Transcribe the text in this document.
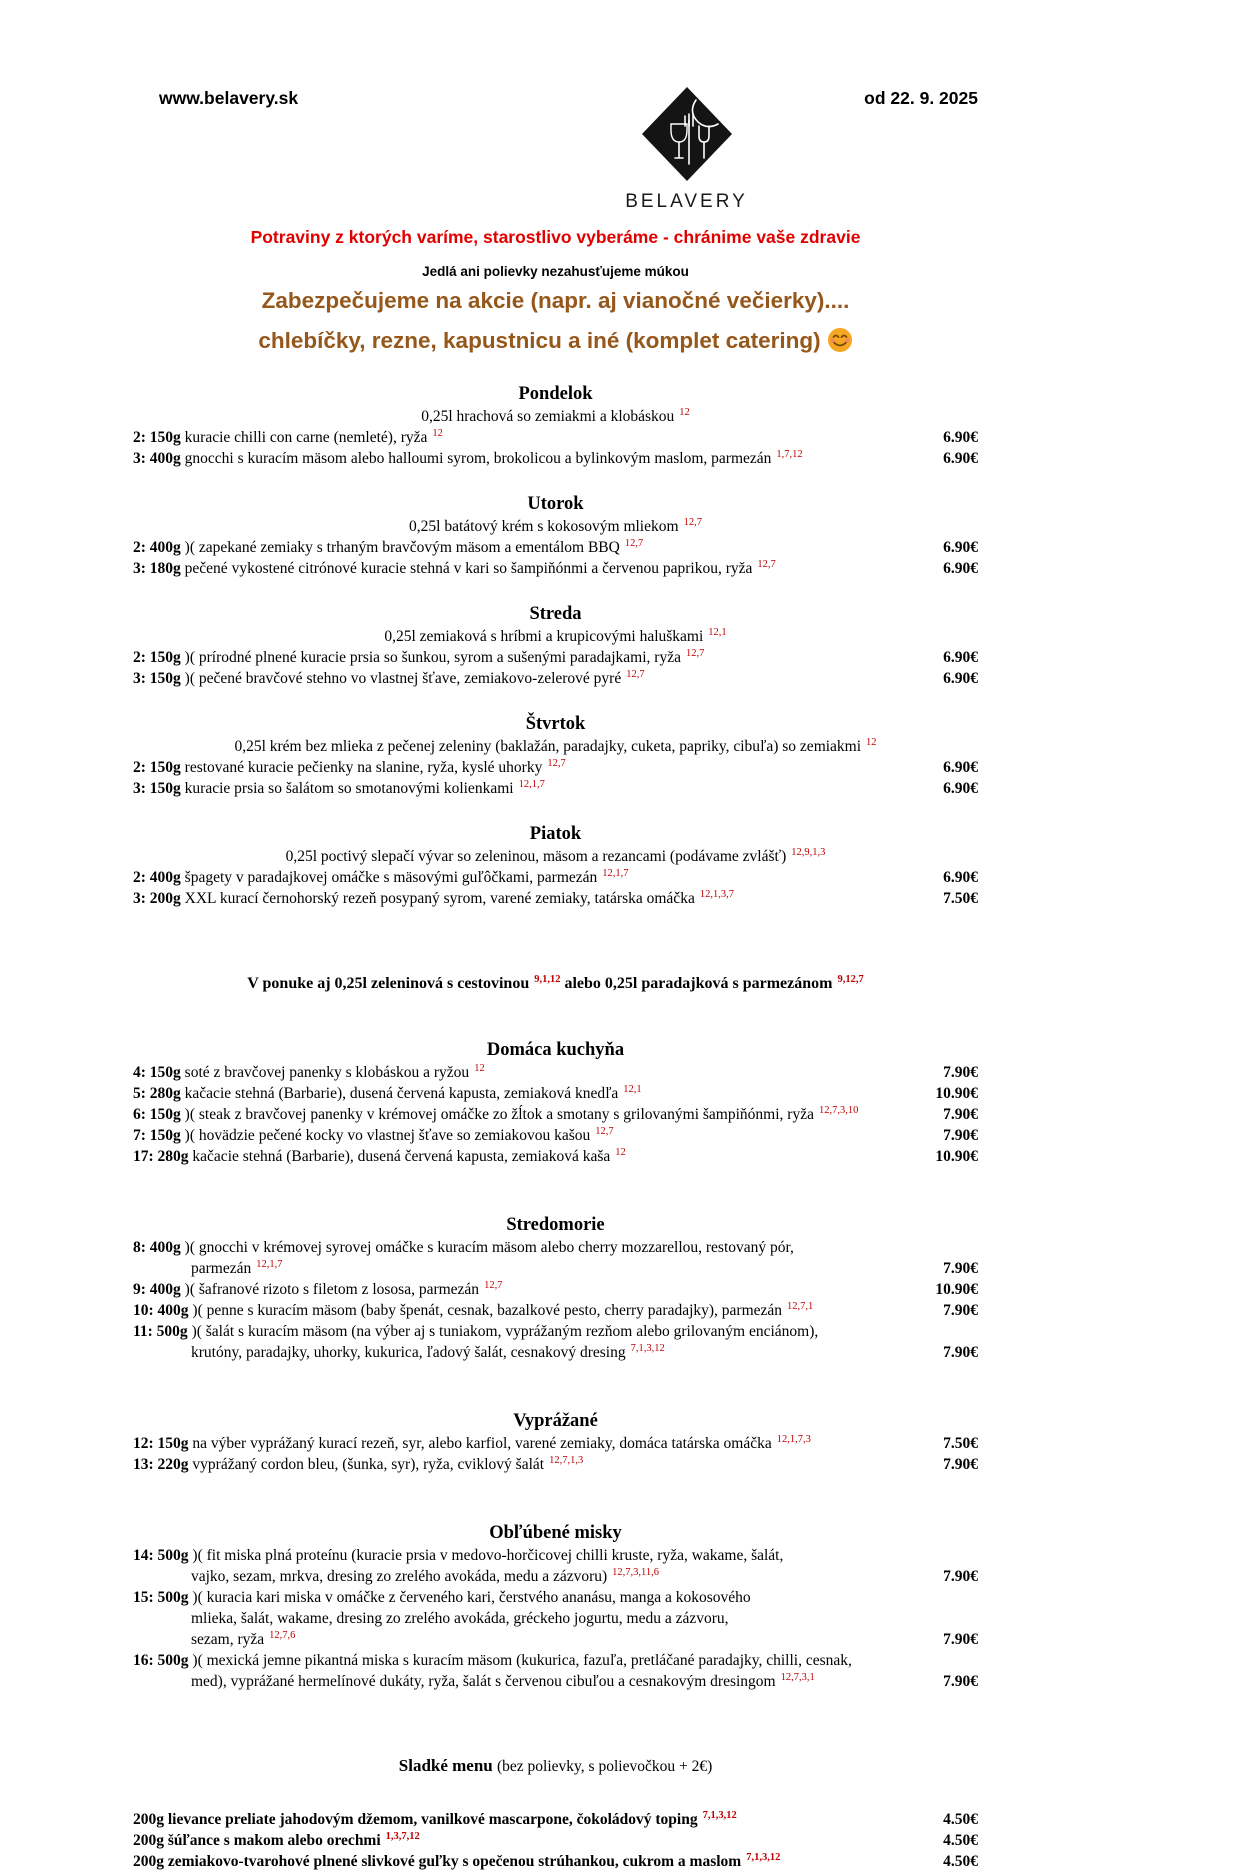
BELAVERY
www.belavery.sk	od 22. 9. 2025
Potraviny z ktorých varíme, starostlivo vyberáme - chránime vaše zdravie
Jedlá ani polievky nezahusťujeme múkou
Zabezpečujeme na akcie (napr. aj vianočné večierky)....
chlebíčky, rezne, kapustnicu a iné (komplet catering)
Pondelok
0,25l hrachová so zemiakmi a klobáskou $^{12}$
2: 150g kuracie chilli con carne (nemleté), ryža $^{12}$	6.90€
3: 400g gnocchi s kuracím mäsom alebo halloumi syrom, brokolicou a bylinkovým maslom, parmezán $^{1,7,12}$	6.90€
Utorok
0,25l batátový krém s kokosovým mliekom $^{12,7}$
2: 400g )( zapekané zemiaky s trhaným bravčovým mäsom a ementálom BBQ $^{12,7}$	6.90€
3: 180g pečené vykostené citrónové kuracie stehná v kari so šampiňónmi a červenou paprikou, ryža $^{12,7}$	6.90€
Streda
0,25l zemiaková s hríbmi a krupicovými haluškami $^{12,1}$
2: 150g )( prírodné plnené kuracie prsia so šunkou, syrom a sušenými paradajkami, ryža $^{12,7}$	6.90€
3: 150g )( pečené bravčové stehno vo vlastnej šťave, zemiakovo-zelerové pyré $^{12,7}$	6.90€
Štvrtok
0,25l krém bez mlieka z pečenej zeleniny (baklažán, paradajky, cuketa, papriky, cibuľa) so zemiakmi $^{12}$
2: 150g restované kuracie pečienky na slanine, ryža, kyslé uhorky $^{12,7}$	6.90€
3: 150g kuracie prsia so šalátom so smotanovými kolienkami $^{12,1,7}$	6.90€
Piatok
0,25l poctivý slepačí vývar so zeleninou, mäsom a rezancami (podávame zvlášť) $^{12,9,1,3}$
2: 400g špagety v paradajkovej omáčke s mäsovými guľôčkami, parmezán $^{12,1,7}$	6.90€
3: 200g XXL kurací černohorský rezeň posypaný syrom, varené zemiaky, tatárska omáčka $^{12,1,3,7}$	7.50€
V ponuke aj 0,25l zeleninová s cestovinou $^{9,1,12}$ alebo 0,25l paradajková s parmezánom $^{9,12,7}$
Domáca kuchyňa
4: 150g soté z bravčovej panenky s klobáskou a ryžou $^{12}$	7.90€
5: 280g kačacie stehná (Barbarie), dusená červená kapusta, zemiaková knedľa $^{12,1}$	10.90€
6: 150g )( steak z bravčovej panenky v krémovej omáčke zo žĺtok a smotany s grilovanými šampiňónmi, ryža $^{12,7,3,10}$	7.90€
7: 150g )( hovädzie pečené kocky vo vlastnej šťave so zemiakovou kašou $^{12,7}$	7.90€
17: 280g kačacie stehná (Barbarie), dusená červená kapusta, zemiaková kaša $^{12}$	10.90€
Stredomorie
8: 400g )( gnocchi v krémovej syrovej omáčke s kuracím mäsom alebo cherry mozzarellou, restovaný pór,
parmezán $^{12,1,7}$	7.90€
9: 400g )( šafranové rizoto s filetom z lososa, parmezán $^{12,7}$	10.90€
10: 400g )( penne s kuracím mäsom (baby špenát, cesnak, bazalkové pesto, cherry paradajky), parmezán $^{12,7,1}$	7.90€
11: 500g )( šalát s kuracím mäsom (na výber aj s tuniakom, vyprážaným rezňom alebo grilovaným enciánom),
krutóny, paradajky, uhorky, kukurica, ľadový šalát, cesnakový dresing $^{7,1,3,12}$	7.90€
Vyprážané
12: 150g na výber vyprážaný kurací rezeň, syr, alebo karfiol, varené zemiaky, domáca tatárska omáčka $^{12,1,7,3}$	7.50€
13: 220g vyprážaný cordon bleu, (šunka, syr), ryža, cviklový šalát $^{12,7,1,3}$	7.90€
Obľúbené misky
14: 500g )( fit miska plná proteínu (kuracie prsia v medovo-horčicovej chilli kruste, ryža, wakame, šalát,
vajko, sezam, mrkva, dresing zo zrelého avokáda, medu a zázvoru) $^{12,7,3,11,6}$	7.90€
15: 500g )( kuracia kari miska v omáčke z červeného kari, čerstvého ananásu, manga a kokosového
mlieka, šalát, wakame, dresing zo zrelého avokáda, gréckeho jogurtu, medu a zázvoru,
sezam, ryža $^{12,7,6}$	7.90€
16: 500g )( mexická jemne pikantná miska s kuracím mäsom (kukurica, fazuľa, pretláčané paradajky, chilli, cesnak,
med), vyprážané hermelínové dukáty, ryža, šalát s červenou cibuľou a cesnakovým dresingom $^{12,7,3,1}$	7.90€
Sladké menu (bez polievky, s polievočkou + 2€)
200g lievance preliate jahodovým džemom, vanilkové mascarpone, čokoládový toping $^{7,1,3,12}$	4.50€
200g šúľance s makom alebo orechmi $^{1,3,7,12}$	4.50€
200g zemiakovo-tvarohové plnené slivkové guľky s opečenou strúhankou, cukrom a maslom $^{7,1,3,12}$	4.50€
